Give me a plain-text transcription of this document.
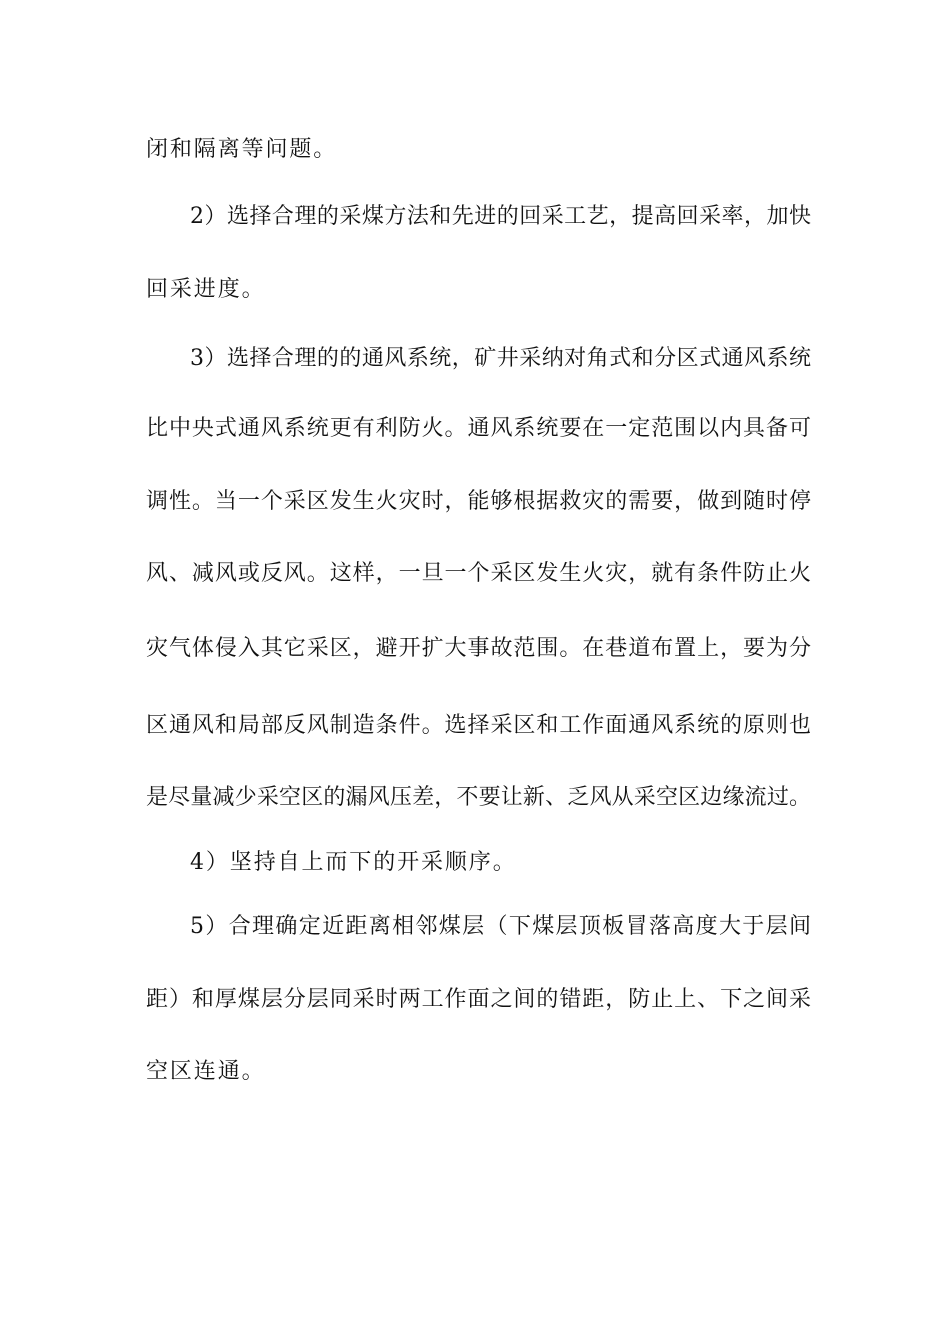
闭和隔离等问题。
2）选择合理的采煤方法和先进的回采工艺，提高回采率，加快
回采进度。
3）选择合理的的通风系统，矿井采纳对角式和分区式通风系统
比中央式通风系统更有利防火。通风系统要在一定范围以内具备可
调性。当一个采区发生火灾时，能够根据救灾的需要，做到随时停
风、减风或反风。这样，一旦一个采区发生火灾，就有条件防止火
灾气体侵入其它采区，避开扩大事故范围。在巷道布置上，要为分
区通风和局部反风制造条件。选择采区和工作面通风系统的原则也
是尽量减少采空区的漏风压差，不要让新、乏风从采空区边缘流过。
4）坚持自上而下的开采顺序。
5）合理确定近距离相邻煤层（下煤层顶板冒落高度大于层间
距）和厚煤层分层同采时两工作面之间的错距，防止上、下之间采
空区连通。
